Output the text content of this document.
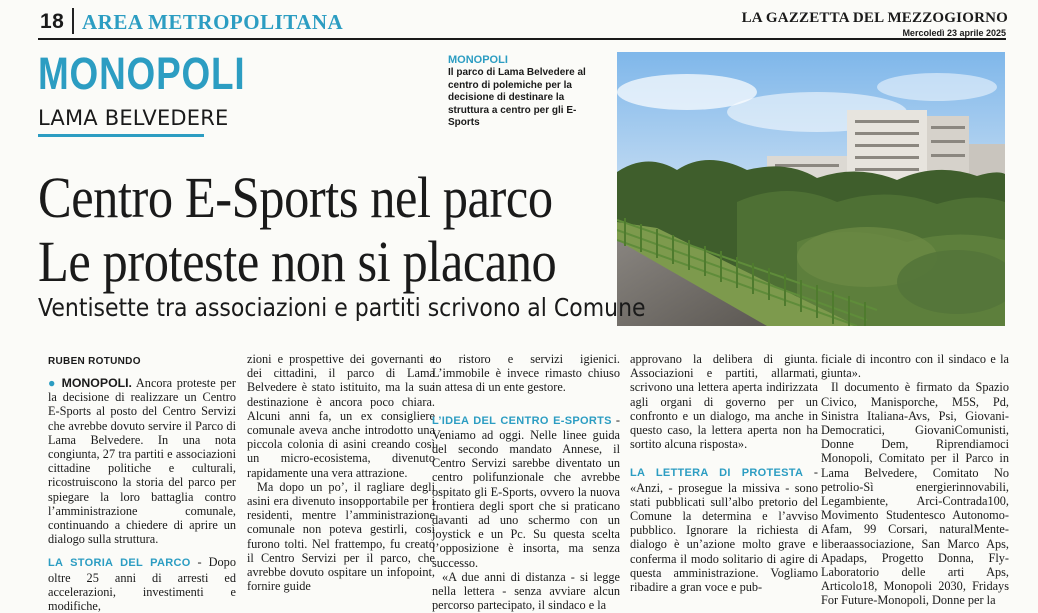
18 AREA METROPOLITANA	LA GAZZETTA DEL MEZZOGIORNO
Mercoledì 23 aprile 2025
MONOPOLI
LAMA BELVEDERE
MONOPOLI
Il parco di Lama Belvedere al centro di polemiche per la decisione di destinare la struttura a centro per gli E-Sports
Centro E-Sports nel parco
Le proteste non si placano
Ventisette tra associazioni e partiti scrivono al Comune
RUBEN ROTUNDO

● MONOPOLI. Ancora proteste per la decisione di realizzare un Centro E-Sports al posto del Centro Servizi che avrebbe dovuto servire il Parco di Lama Belvedere. In una nota congiunta, 27 tra partiti e associazioni cittadine politiche e culturali, ricostruiscono la storia del parco per spiegare la loro battaglia contro l’amministrazione comunale, continuando a chiedere di aprire un dialogo sulla struttura.

LA STORIA DEL PARCO - Dopo oltre 25 anni di arresti ed accelerazioni, investimenti e modifiche,

zioni e prospettive dei governanti e dei cittadini, il parco di Lama Belvedere è stato istituito, ma la sua destinazione è ancora poco chiara. Alcuni anni fa, un ex consigliere comunale aveva anche introdotto una piccola colonia di asini creando così un micro-ecosistema, divenuto rapidamente una vera attrazione.

Ma dopo un po’, il ragliare degli asini era divenuto insopportabile per i residenti, mentre l’amministrazione comunale non poteva gestirli, così furono tolti. Nel frattempo, fu creato il Centro Servizi per il parco, che avrebbe dovuto ospitare un infopoint, fornire guide

to ristoro e servizi igienici. L’immobile è invece rimasto chiuso in attesa di un ente gestore.

L’IDEA DEL CENTRO E-SPORTS - Veniamo ad oggi. Nelle linee guida del secondo mandato Annese, il Centro Servizi sarebbe diventato un centro polifunzionale che avrebbe ospitato gli E-Sports, ovvero la nuova frontiera degli sport che si praticano davanti ad uno schermo con un joystick e un Pc. Su questa scelta l’opposizione è insorta, ma senza successo.

«A due anni di distanza - si legge nella lettera - senza avviare alcun percorso partecipato, il sindaco e la

approvano la delibera di giunta. Associazioni e partiti, allarmati, scrivono una lettera aperta indirizzata agli organi di governo per un confronto e un dialogo, ma anche in questo caso, la lettera aperta non ha sortito alcuna risposta».

LA LETTERA DI PROTESTA - «Anzi, - prosegue la missiva - sono stati pubblicati sull’albo pretorio del Comune la determina e l’avviso pubblico. Ignorare la richiesta di dialogo è un’azione molto grave e conferma il modo solitario di agire di questa amministrazione. Vogliamo ribadire a gran voce e pub-

ficiale di incontro con il sindaco e la giunta».

Il documento è firmato da Spazio Civico, Manisporche, M5S, Pd, Sinistra Italiana-Avs, Psi, Giovani-Democratici, GiovaniComunisti, Donne Dem, Riprendiamoci Monopoli, Comitato per il Parco in Lama Belvedere, Comitato No petrolio-Sì energierinnovabili, Legambiente, Arci-Contrada100, Movimento Studentesco Autonomo-Afam, 99 Corsari, naturalMente-liberaassociazione, San Marco Aps, Apadaps, Progetto Donna, Fly-Laboratorio delle arti Aps, Articolo18, Monopoli 2030, Fridays For Future-Monopoli, Donne per la
